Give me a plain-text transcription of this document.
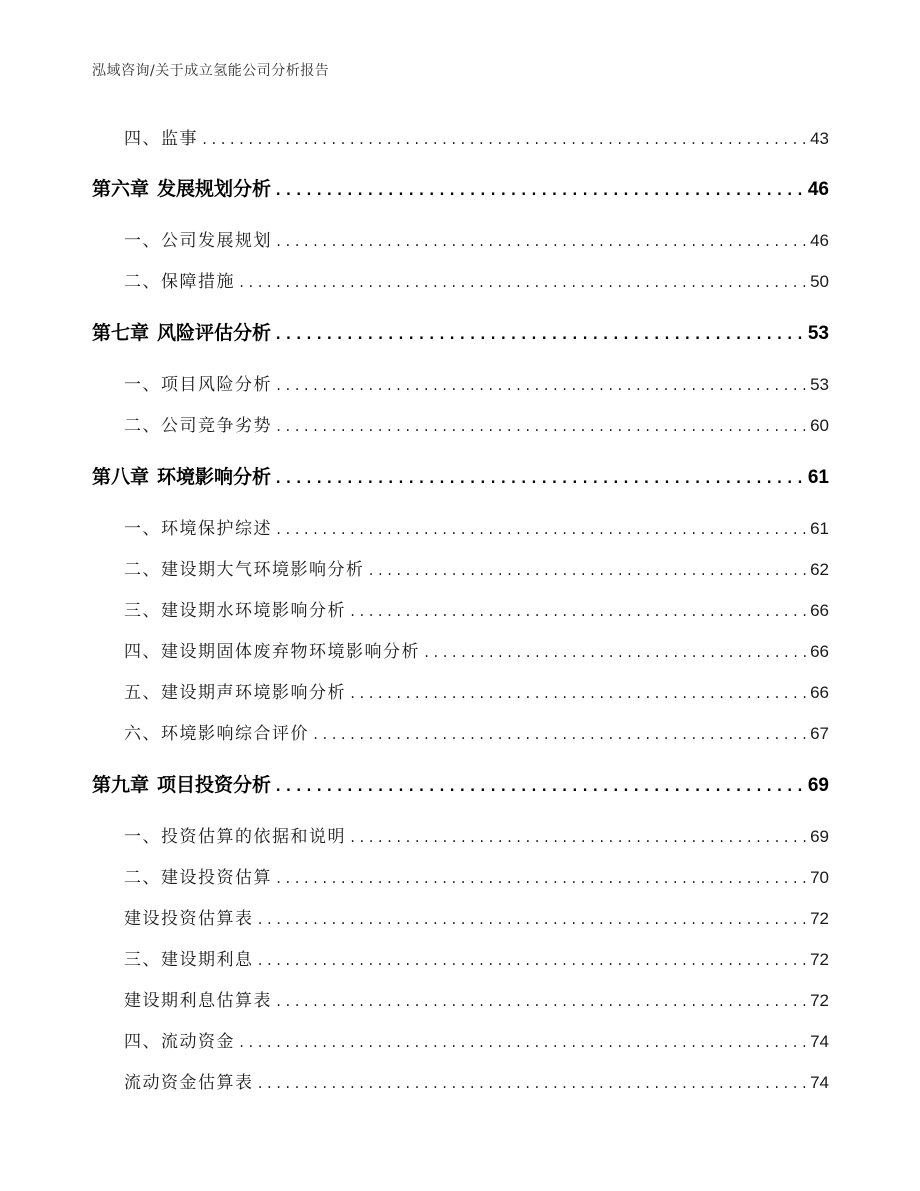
泓域咨询/关于成立氢能公司分析报告
四、 监事 .....	43
第六章 发展规划分析 .....	46
一、 公司发展规划 .....	46
二、 保障措施 .....	50
第七章 风险评估分析 .....	53
一、 项目风险分析 .....	53
二、 公司竞争劣势 .....	60
第八章 环境影响分析 .....	61
一、 环境保护综述 .....	61
二、 建设期大气环境影响分析 .....	62
三、 建设期水环境影响分析 .....	66
四、 建设期固体废弃物环境影响分析 .....	66
五、 建设期声环境影响分析 .....	66
六、 环境影响综合评价 .....	67
第九章 项目投资分析 .....	69
一、 投资估算的依据和说明 .....	69
二、 建设投资估算 .....	70
建设投资估算表 .....	72
三、 建设期利息 .....	72
建设期利息估算表 .....	72
四、 流动资金 .....	74
流动资金估算表 .....	74
